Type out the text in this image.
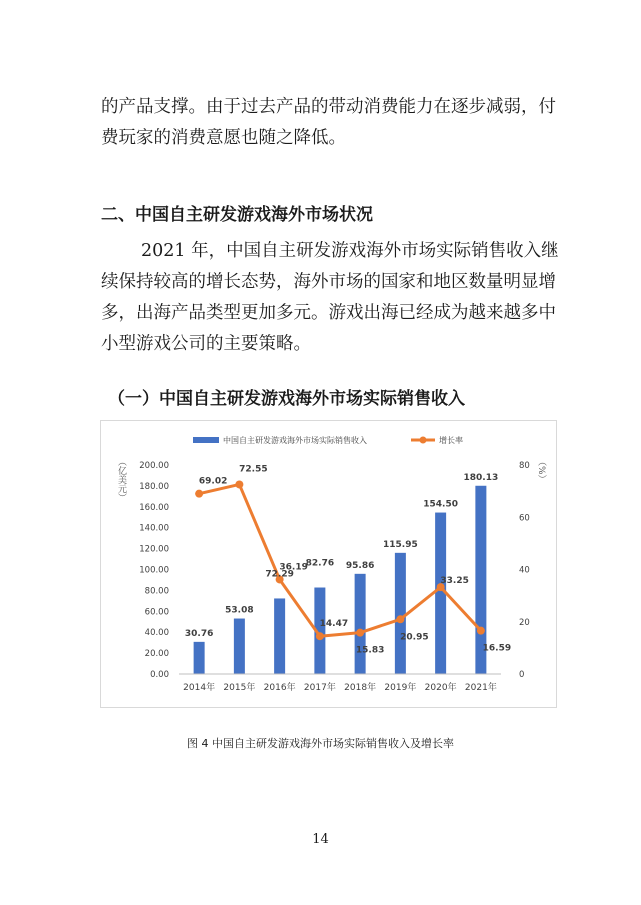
的产品支撑。由于过去产品的带动消费能力在逐步减弱，付费玩家的消费意愿也随之降低。

二、中国自主研发游戏海外市场状况

2021 年，中国自主研发游戏海外市场实际销售收入继续保持较高的增长态势，海外市场的国家和地区数量明显增多，出海产品类型更加多元。游戏出海已经成为越来越多中小型游戏公司的主要策略。

（一）中国自主研发游戏海外市场实际销售收入
中国自主研发游戏海外市场实际销售收入	增长率
（亿美元）	（%）
0.00
20.00
40.00
60.00
80.00
100.00
120.00
140.00
160.00
180.00
200.00
0
20
40
60
80
30.76
53.08
72.29
82.76 95.86
115.95
154.50
180.13
69.02
72.55
36.19
14.47
15.83
20.95
33.25
16.59
2014年 2015年 2016年 2017年 2018年 2019年 2020年 2021年
图 4 中国自主研发游戏海外市场实际销售收入及增长率
14
